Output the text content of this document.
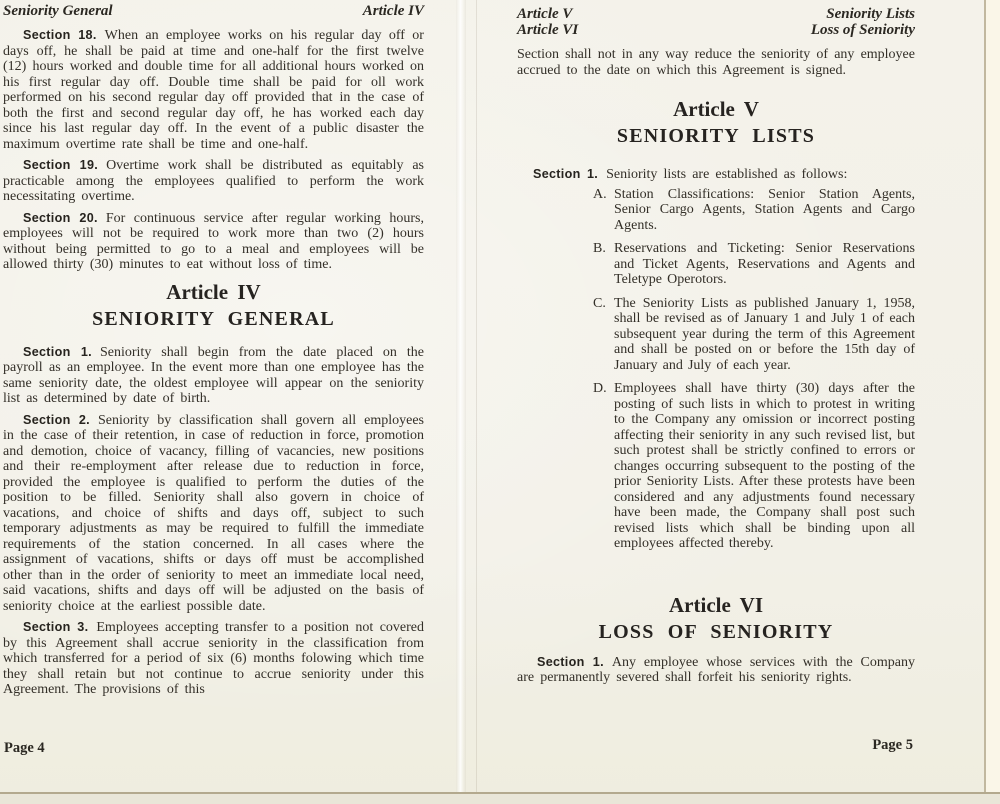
Seniority General	Article IV

Section 18. When an employee works on his regular day off or days off, he shall be paid at time and one-half for the first twelve (12) hours worked and double time for all additional hours worked on his first regular day off. Double time shall be paid for oll work performed on his second regular day off provided that in the case of both the first and second regular day off, he has worked each day since his last regular day off. In the event of a public disaster the maximum overtime rate shall be time and one-half.

Section 19. Overtime work shall be distributed as equitably as practicable among the employees qualified to perform the work necessitating overtime.

Section 20. For continuous service after regular working hours, employees will not be required to work more than two (2) hours without being permitted to go to a meal and employees will be allowed thirty (30) minutes to eat without loss of time.

Article IV
SENIORITY GENERAL

Section 1. Seniority shall begin from the date placed on the payroll as an employee. In the event more than one employee has the same seniority date, the oldest employee will appear on the seniority list as determined by date of birth.

Section 2. Seniority by classification shall govern all employees in the case of their retention, in case of reduction in force, promotion and demotion, choice of vacancy, filling of vacancies, new positions and their re-employment after release due to reduction in force, provided the employee is qualified to perform the duties of the position to be filled. Seniority shall also govern in choice of vacations, and choice of shifts and days off, subject to such temporary adjustments as may be required to fulfill the immediate requirements of the station concerned. In all cases where the assignment of vacations, shifts or days off must be accomplished other than in the order of seniority to meet an immediate local need, said vacations, shifts and days off will be adjusted on the basis of seniority choice at the earliest possible date.

Section 3. Employees accepting transfer to a position not covered by this Agreement shall accrue seniority in the classification from which transferred for a period of six (6) months folowing which time they shall retain but not continue to accrue seniority under this Agreement. The provisions of this

Page 4
Article V
Article VI
Seniority Lists
Loss of Seniority

Section shall not in any way reduce the seniority of any employee accrued to the date on which this Agreement is signed.

Article V
SENIORITY LISTS

Section 1. Seniority lists are established as follows:

A. Station Classifications: Senior Station Agents, Senior Cargo Agents, Station Agents and Cargo Agents.
B. Reservations and Ticketing: Senior Reservations and Ticket Agents, Reservations and Agents and Teletype Operotors.
C. The Seniority Lists as published January 1, 1958, shall be revised as of January 1 and July 1 of each subsequent year during the term of this Agreement and shall be posted on or before the 15th day of January and July of each year.
D. Employees shall have thirty (30) days after the posting of such lists in which to protest in writing to the Company any omission or incorrect posting affecting their seniority in any such revised list, but such protest shall be strictly confined to errors or changes occurring subsequent to the posting of the prior Seniority Lists. After these protests have been considered and any adjustments found necessary have been made, the Company shall post such revised lists which shall be binding upon all employees affected thereby.
Article VI
LOSS OF SENIORITY

Section 1. Any employee whose services with the Company are permanently severed shall forfeit his seniority rights.

Page 5
